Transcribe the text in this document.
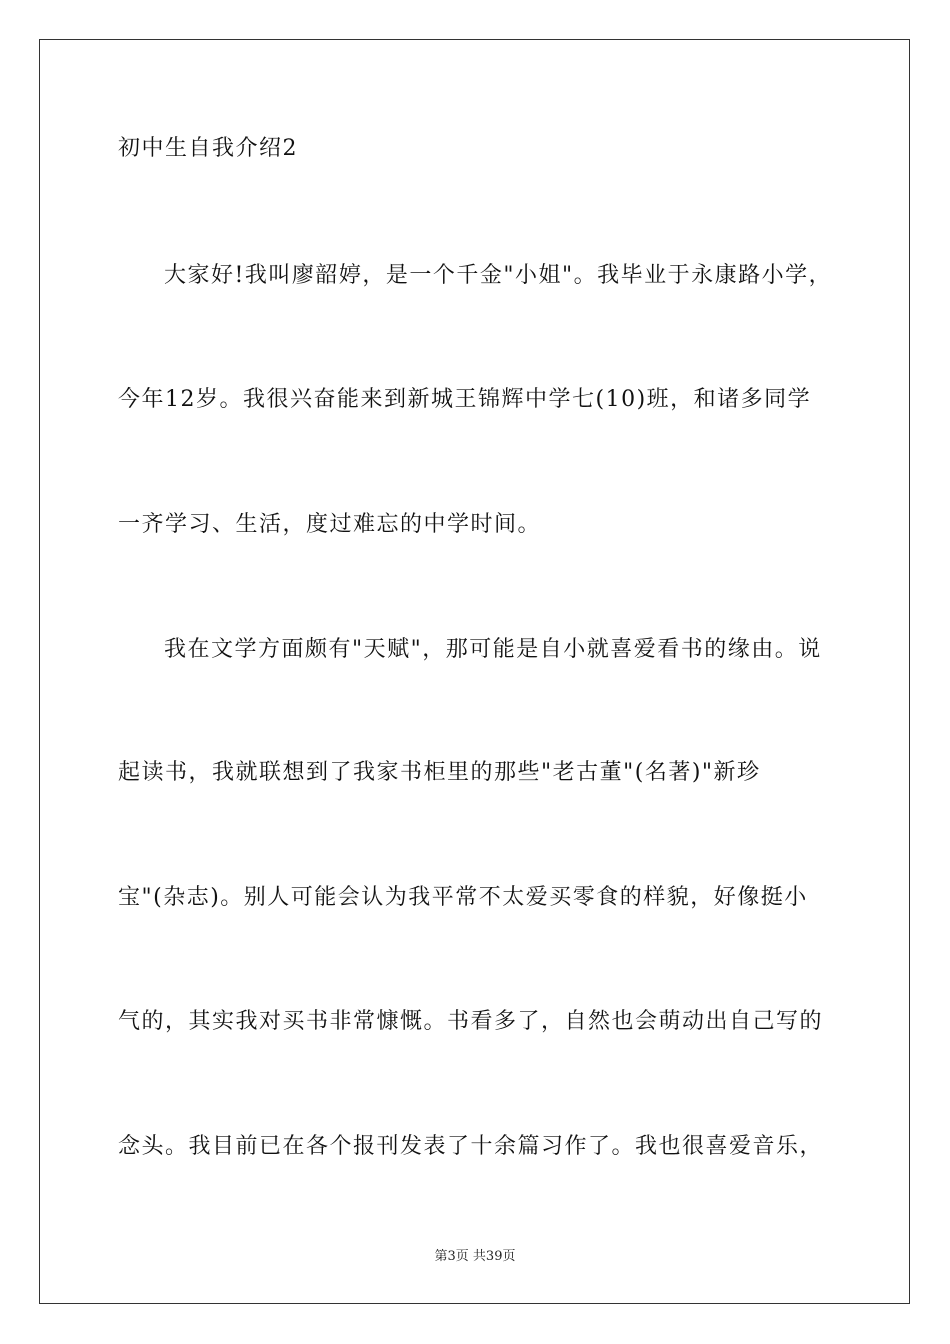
初中生自我介绍2
大家好!我叫廖韶婷，是一个千金"小姐"。我毕业于永康路小学，
今年12岁。我很兴奋能来到新城王锦辉中学七(10)班，和诸多同学
一齐学习、生活，度过难忘的中学时间。
我在文学方面颇有"天赋"，那可能是自小就喜爱看书的缘由。说
起读书，我就联想到了我家书柜里的那些"老古董"(名著)"新珍
宝"(杂志)。别人可能会认为我平常不太爱买零食的样貌，好像挺小
气的，其实我对买书非常慷慨。书看多了，自然也会萌动出自己写的
念头。我目前已在各个报刊发表了十余篇习作了。我也很喜爱音乐，
第3页 共39页
